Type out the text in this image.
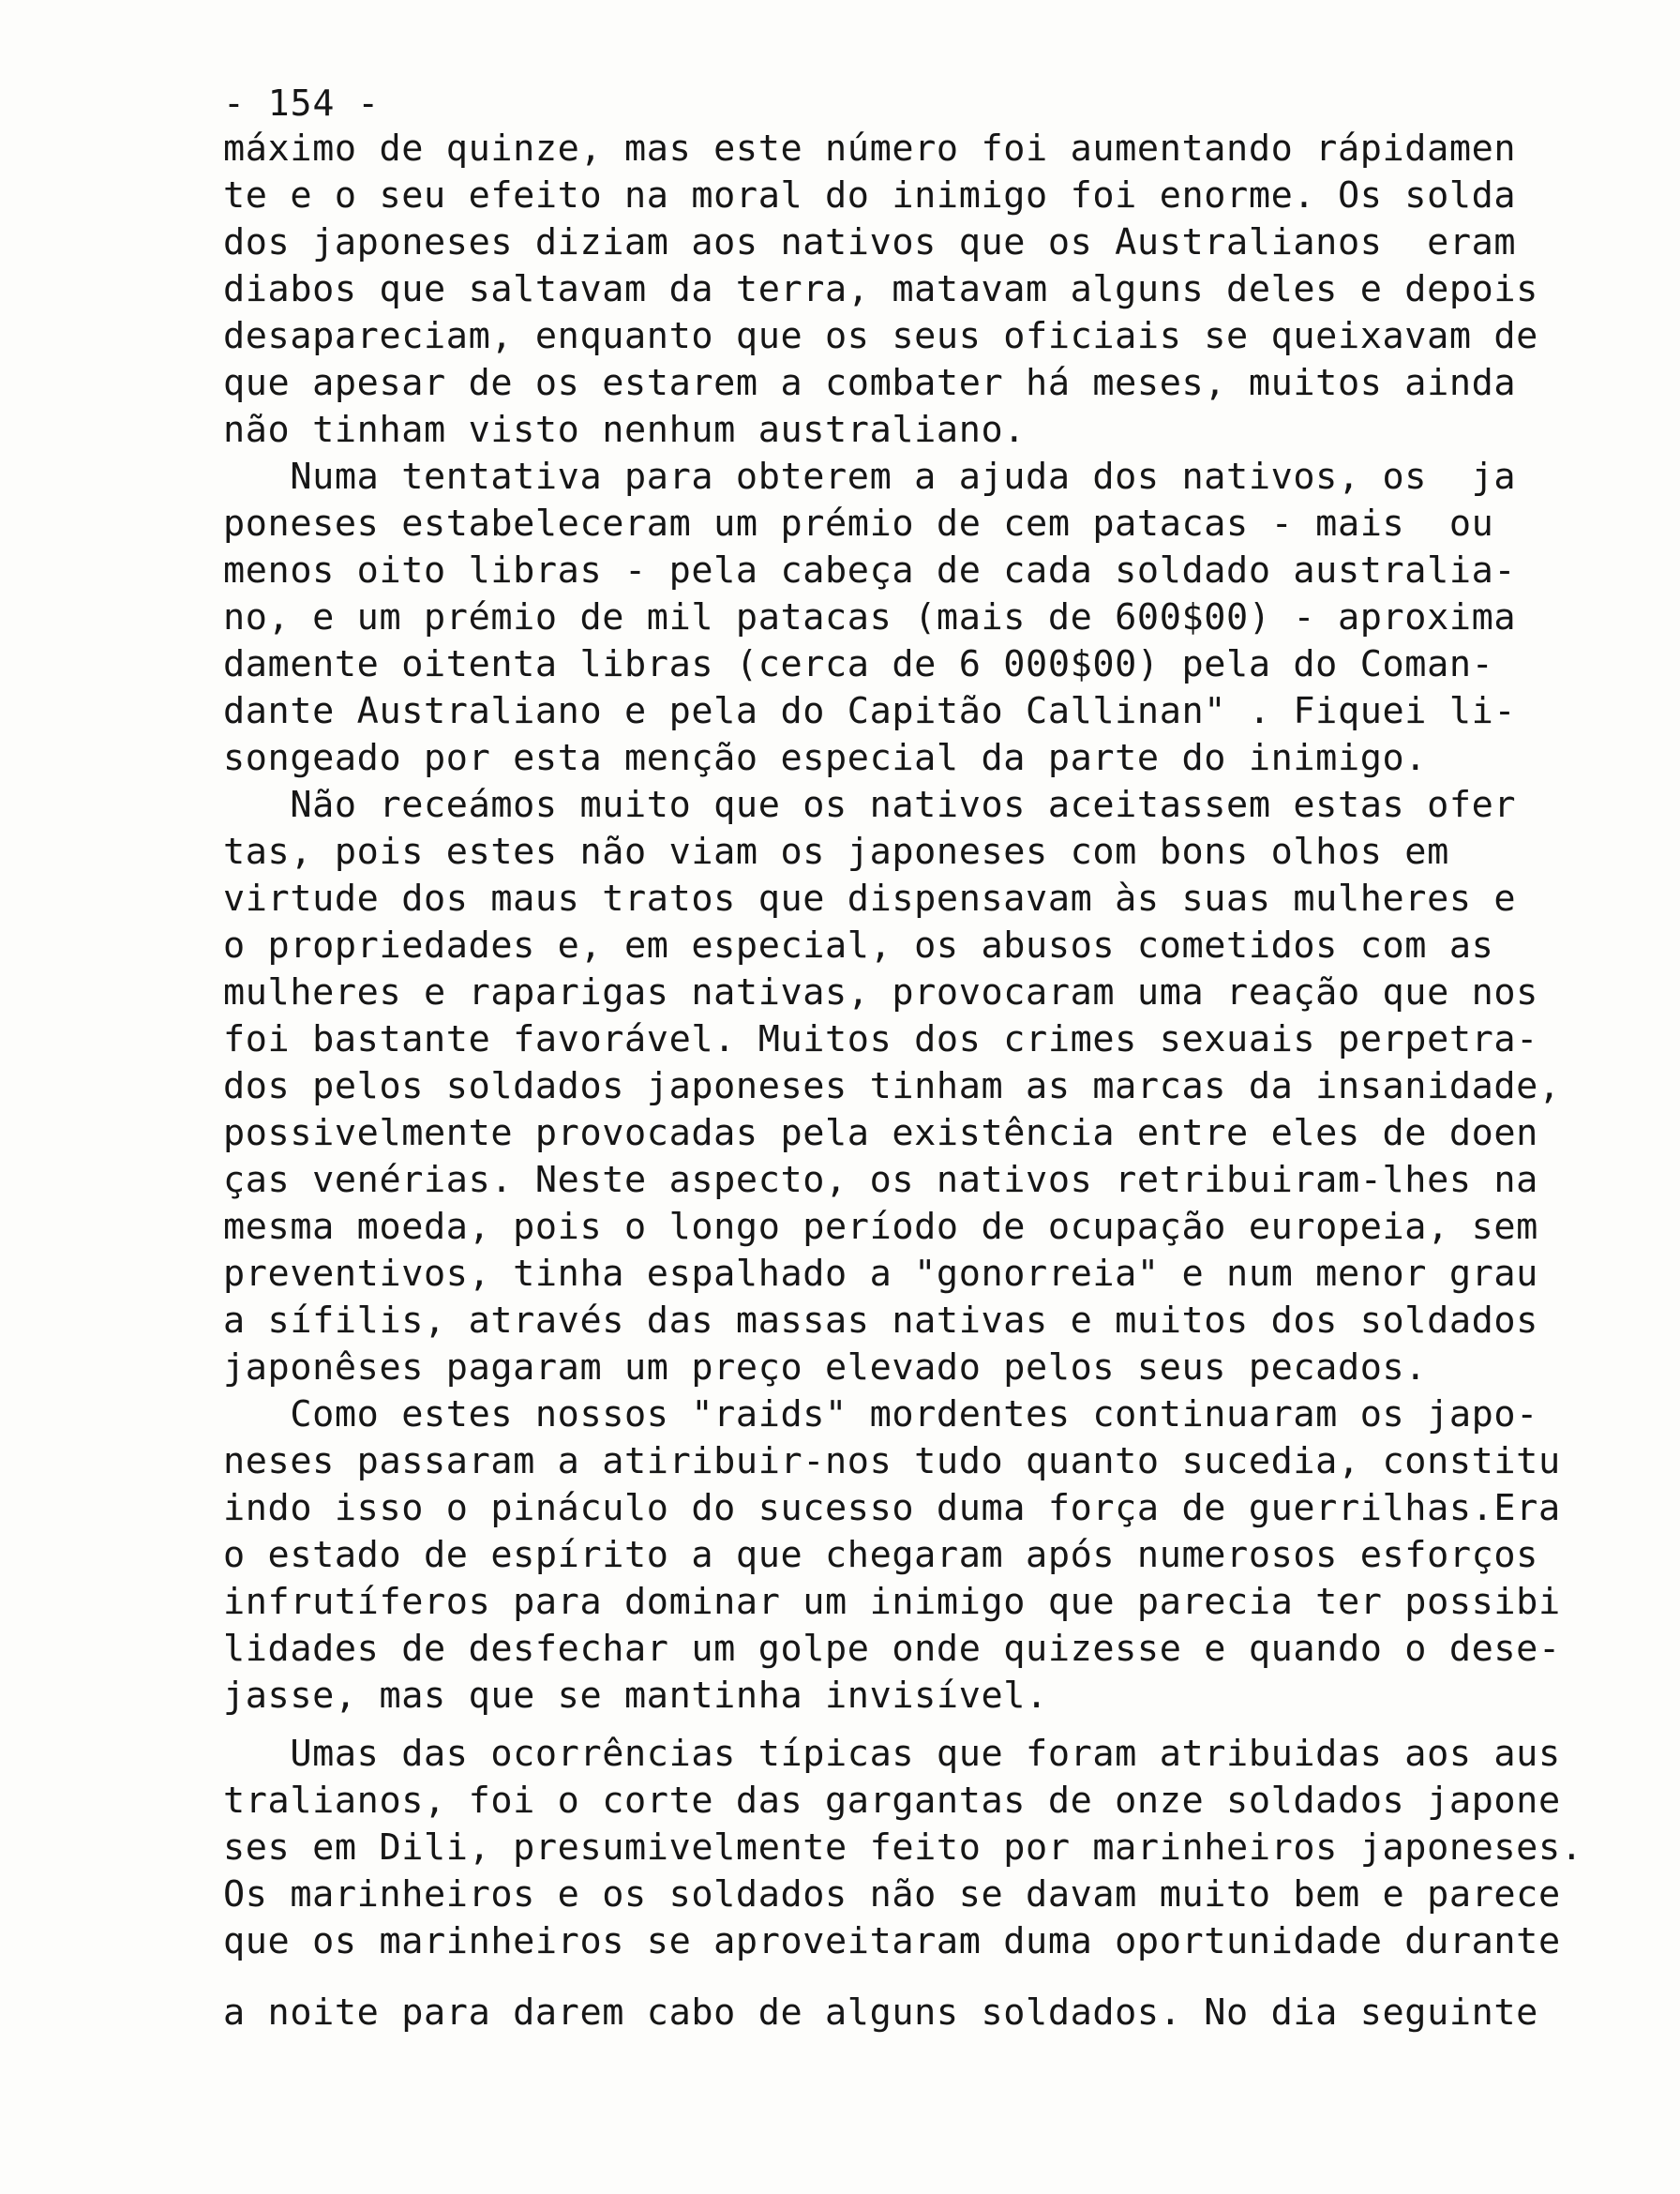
- 154 -
máximo de quinze, mas este número foi aumentando rápidamen
te e o seu efeito na moral do inimigo foi enorme. Os solda
dos japoneses diziam aos nativos que os Australianos  eram
diabos que saltavam da terra, matavam alguns deles e depois
desapareciam, enquanto que os seus oficiais se queixavam de
que apesar de os estarem a combater há meses, muitos ainda
não tinham visto nenhum australiano.
Numa tentativa para obterem a ajuda dos nativos, os  ja
poneses estabeleceram um prémio de cem patacas - mais  ou
menos oito libras - pela cabeça de cada soldado australia-
no, e um prémio de mil patacas (mais de 600$00) - aproxima
damente oitenta libras (cerca de 6 000$00) pela do Coman-
dante Australiano e pela do Capitão Callinan" . Fiquei li-
songeado por esta menção especial da parte do inimigo.
Não receámos muito que os nativos aceitassem estas ofer
tas, pois estes não viam os japoneses com bons olhos em
virtude dos maus tratos que dispensavam às suas mulheres e
o propriedades e, em especial, os abusos cometidos com as
mulheres e raparigas nativas, provocaram uma reação que nos
foi bastante favorável. Muitos dos crimes sexuais perpetra-
dos pelos soldados japoneses tinham as marcas da insanidade,
possivelmente provocadas pela existência entre eles de doen
ças venérias. Neste aspecto, os nativos retribuiram-lhes na
mesma moeda, pois o longo período de ocupação europeia, sem
preventivos, tinha espalhado a "gonorreia" e num menor grau
a sífilis, através das massas nativas e muitos dos soldados
japonêses pagaram um preço elevado pelos seus pecados.
Como estes nossos "raids" mordentes continuaram os japo-
neses passaram a atiribuir-nos tudo quanto sucedia, constitu
indo isso o pináculo do sucesso duma força de guerrilhas.Era
o estado de espírito a que chegaram após numerosos esforços
infrutíferos para dominar um inimigo que parecia ter possibi
lidades de desfechar um golpe onde quizesse e quando o dese-
jasse, mas que se mantinha invisível.
Umas das ocorrências típicas que foram atribuidas aos aus
tralianos, foi o corte das gargantas de onze soldados japone
ses em Dili, presumivelmente feito por marinheiros japoneses.
Os marinheiros e os soldados não se davam muito bem e parece
que os marinheiros se aproveitaram duma oportunidade durante
a noite para darem cabo de alguns soldados. No dia seguinte
